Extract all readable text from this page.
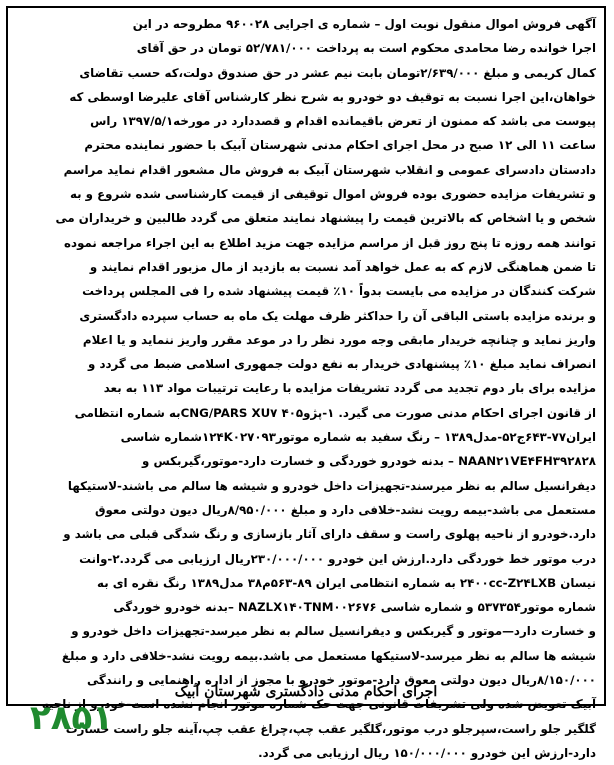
آگهی فروش اموال منقول نوبت اول – شماره ی اجرایی ۹۶۰۰۲۸ مطروحه در این
اجرا خوانده رضا محامدی محکوم است به پرداخت ۵۲/۷۸۱/۰۰۰ تومان در حق آقای
کمال کریمی و مبلغ ۲/۶۳۹/۰۰۰تومان بابت نیم عشر در حق صندوق دولت،که حسب تقاضای
خواهان،این اجرا نسبت به توقیف دو خودرو به شرح نظر کارشناس آقای علیرضا اوسطی که
پیوست می باشد که ممنون از تعرض باقیمانده اقدام و قصددارد در مورخه۱۳۹۷/۵/۱ راس
ساعت ۱۱ الی ۱۲ صبح در محل اجرای احکام مدنی شهرستان آبیک با حضور نماینده محترم
دادستان دادسرای عمومی و انقلاب شهرستان آبیک به فروش مال مشعور اقدام نماید مراسم
و تشریفات مزایده حضوری بوده فروش اموال توقیفی از قیمت کارشناسی شده شروع و به
شخص و یا اشخاص که بالاترین قیمت را پیشنهاد نمایند متعلق می گردد طالبین و خریداران می
توانند همه روزه تا پنج روز قبل از مراسم مزایده جهت مزید اطلاع به این اجراء مراجعه نموده
تا ضمن هماهنگی لازم که به عمل خواهد آمد نسبت به بازدید از مال مزبور اقدام نمایند و
شرکت کنندگان در مزایده می بایست بدواً ۱۰٪ قیمت پیشنهاد شده را فی المجلس پرداخت
و برنده مزایده باستی الباقی آن را حداکثر ظرف مهلت یک ماه به حساب سپرده دادگستری
واریز نماید و چنانچه خریدار مابقی وجه مورد نظر را در موعد مقرر واریز ننماید و یا اعلام
انصراف نماید مبلغ ۱۰٪ پیشنهادی خریدار به نفع دولت جمهوری اسلامی ضبط می گردد و
مزایده برای بار دوم تجدید می گردد تشریفات مزایده با رعایت ترتیبات مواد ۱۱۳ به بعد
از قانون اجرای احکام مدنی صورت می گیرد. ۱-پژو۴۰۵ CNG/PARS XU۷به شماره انتظامی
ایران۷۷-۶۴۳ج۵۲-مدل۱۳۸۹ – رنگ سفید به شماره موتور۱۲۴K۰۲۷۰۹۳شماره شاسی
NAAN۲۱VE۴FH۳۹۲۸۲۸ – بدنه خودرو خوردگی و خسارت دارد-موتور،گیربکس و
دیفرانسیل سالم به نظر میرسند-تجهیزات داخل خودرو و شیشه ها سالم می باشند-لاستیکها
مستعمل می باشد-بیمه رویت نشد-خلافی دارد و مبلغ ۸/۹۵۰/۰۰۰ریال دیون دولتی معوق
دارد.خودرو از ناحیه پهلوی راست و سقف دارای آثار بازسازی و رنگ شدگی قبلی می باشد و
درب موتور خط خوردگی دارد.ارزش این خودرو ۲۳۰/۰۰۰/۰۰۰ریال ارزیابی می گردد.۲-وانت
نیسان ۲۴۰۰cc-Z۲۴LXB به شماره انتظامی ایران ۸۹-۵۶۳م۳۸ مدل۱۳۸۹ رنگ نقره ای به
شماره موتور۵۳۷۳۵۴ و شماره شاسی NAZLX۱۴۰TNM۰۰۲۶۷۶ –بدنه خودرو خوردگی
و خسارت دارد—موتور و گیربکس و دیفرانسیل سالم به نظر میرسد-تجهیزات داخل خودرو و
شیشه ها سالم به نظر میرسد-لاستیکها مستعمل می باشد.بیمه رویت نشد-خلافی دارد و مبلغ
۸/۱۵۰/۰۰۰ریال دیون دولتی معوق دارد-موتور خودرو با مجوز از اداره راهنمایی و رانندگی
آبیک تعویض شده ولی تشریفات قانونی جهت حک شماره موتور انجام نشده است-خودرو از ناحیه
گلگیر جلو راست،سپرجلو درب موتور،گلگیر عقب چپ،چراغ عقب چپ،آینه جلو راست خسارت
دارد-ارزش این خودرو ۱۵۰/۰۰۰/۰۰۰ ریال ارزیابی می گردد.
اجرای احکام مدنی دادگستری شهرستان آبیک
۲۸۵۱
